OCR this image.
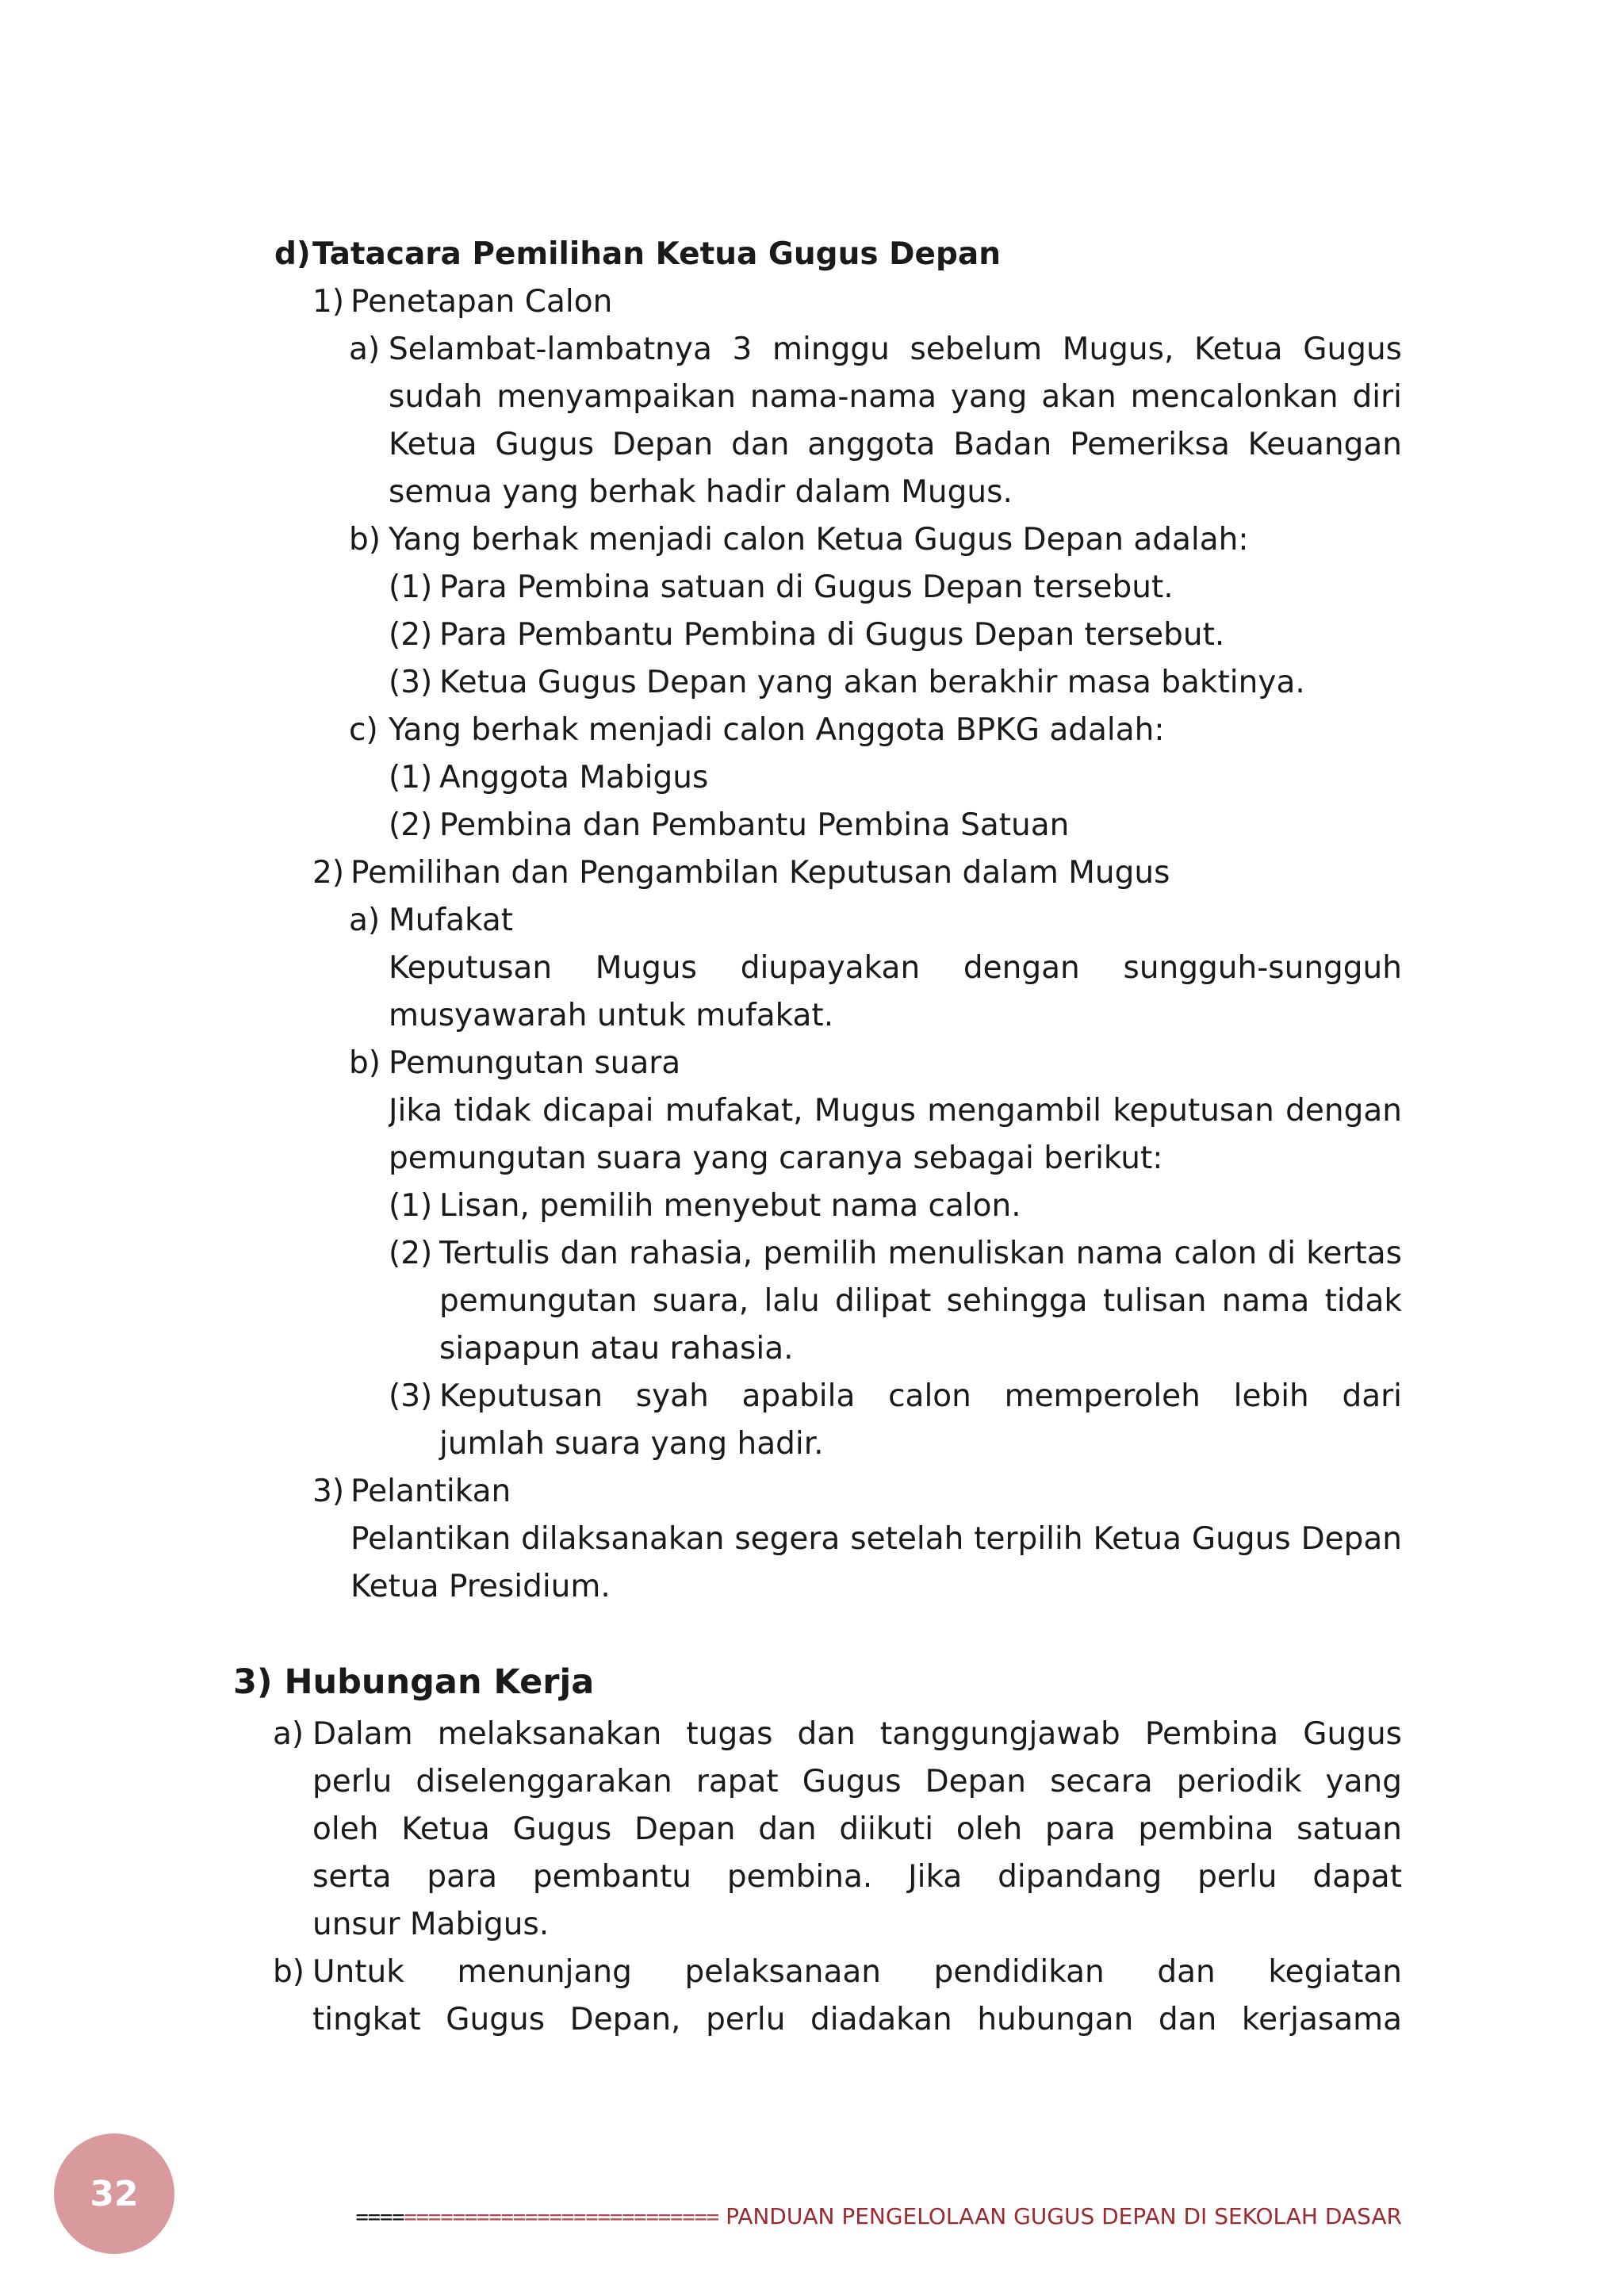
d)Tatacara Pemilihan Ketua Gugus Depan
1) Penetapan Calon
a) Selambat-lambatnya 3 minggu sebelum Mugus, Ketua Gugus
sudah menyampaikan nama-nama yang akan mencalonkan diri
Ketua Gugus Depan dan anggota Badan Pemeriksa Keuangan
semua yang berhak hadir dalam Mugus.
b) Yang berhak menjadi calon Ketua Gugus Depan adalah:
(1) Para Pembina satuan di Gugus Depan tersebut.
(2) Para Pembantu Pembina di Gugus Depan tersebut.
(3) Ketua Gugus Depan yang akan berakhir masa baktinya.
c) Yang berhak menjadi calon Anggota BPKG adalah:
(1) Anggota Mabigus
(2) Pembina dan Pembantu Pembina Satuan
2) Pemilihan dan Pengambilan Keputusan dalam Mugus
a) Mufakat
Keputusan Mugus diupayakan dengan sungguh-sungguh
musyawarah untuk mufakat.
b) Pemungutan suara
Jika tidak dicapai mufakat, Mugus mengambil keputusan dengan
pemungutan suara yang caranya sebagai berikut:
(1) Lisan, pemilih menyebut nama calon.
(2) Tertulis dan rahasia, pemilih menuliskan nama calon di kertas
pemungutan suara, lalu dilipat sehingga tulisan nama tidak
siapapun atau rahasia.
(3) Keputusan syah apabila calon memperoleh lebih dari
jumlah suara yang hadir.
3) Pelantikan
Pelantikan dilaksanakan segera setelah terpilih Ketua Gugus Depan
Ketua Presidium.
3) Hubungan Kerja
a) Dalam melaksanakan tugas dan tanggungjawab Pembina Gugus
perlu diselenggarakan rapat Gugus Depan secara periodik yang
oleh Ketua Gugus Depan dan diikuti oleh para pembina satuan
serta para pembantu pembina. Jika dipandang perlu dapat
unsur Mabigus.
b) Untuk menunjang pelaksanaan pendidikan dan kegiatan
tingkat Gugus Depan, perlu diadakan hubungan dan kerjasama
32
============================== PANDUAN PENGELOLAAN GUGUS DEPAN DI SEKOLAH DASAR
